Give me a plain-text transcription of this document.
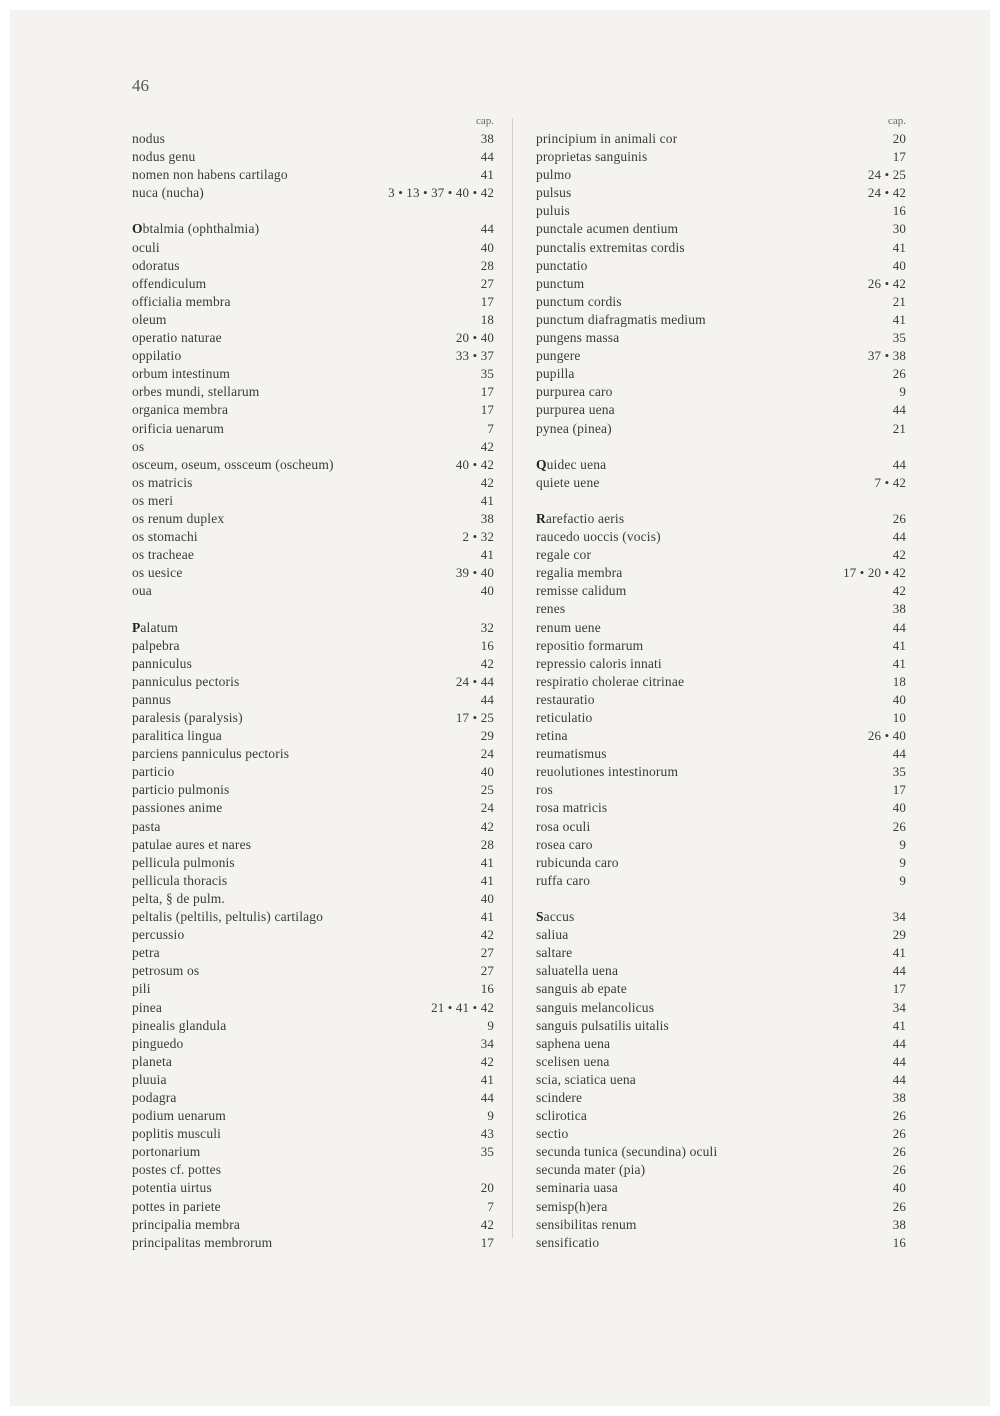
46
cap.
nodus	38
nodus genu	44
nomen non habens cartilago	41
nuca (nucha)	3 • 13 • 37 • 40 • 42
Obtalmia (ophthalmia)	44
oculi	40
odoratus	28
offendiculum	27
officialia membra	17
oleum	18
operatio naturae	20 • 40
oppilatio	33 • 37
orbum intestinum	35
orbes mundi, stellarum	17
organica membra	17
orificia uenarum	7
os	42
osceum, oseum, ossceum (oscheum)	40 • 42
os matricis	42
os meri	41
os renum duplex	38
os stomachi	2 • 32
os tracheae	41
os uesice	39 • 40
oua	40
Palatum	32
palpebra	16
panniculus	42
panniculus pectoris	24 • 44
pannus	44
paralesis (paralysis)	17 • 25
paralitica lingua	29
parciens panniculus pectoris	24
particio	40
particio pulmonis	25
passiones anime	24
pasta	42
patulae aures et nares	28
pellicula pulmonis	41
pellicula thoracis	41
pelta, § de pulm.	40
peltalis (peltilis, peltulis) cartilago	41
percussio	42
petra	27
petrosum os	27
pili	16
pinea	21 • 41 • 42
pinealis glandula	9
pinguedo	34
planeta	42
pluuia	41
podagra	44
podium uenarum	9
poplitis musculi	43
portonarium	35
postes cf. pottes
potentia uirtus	20
pottes in pariete	7
principalia membra	42
principalitas membrorum	17
cap.
principium in animali cor	20
proprietas sanguinis	17
pulmo	24 • 25
pulsus	24 • 42
puluis	16
punctale acumen dentium	30
punctalis extremitas cordis	41
punctatio	40
punctum	26 • 42
punctum cordis	21
punctum diafragmatis medium	41
pungens massa	35
pungere	37 • 38
pupilla	26
purpurea caro	9
purpurea uena	44
pynea (pinea)	21
Quidec uena	44
quiete uene	7 • 42
Rarefactio aeris	26
raucedo uoccis (vocis)	44
regale cor	42
regalia membra	17 • 20 • 42
remisse calidum	42
renes	38
renum uene	44
repositio formarum	41
repressio caloris innati	41
respiratio cholerae citrinae	18
restauratio	40
reticulatio	10
retina	26 • 40
reumatismus	44
reuolutiones intestinorum	35
ros	17
rosa matricis	40
rosa oculi	26
rosea caro	9
rubicunda caro	9
ruffa caro	9
Saccus	34
saliua	29
saltare	41
saluatella uena	44
sanguis ab epate	17
sanguis melancolicus	34
sanguis pulsatilis uitalis	41
saphena uena	44
scelisen uena	44
scia, sciatica uena	44
scindere	38
sclirotica	26
sectio	26
secunda tunica (secundina) oculi	26
secunda mater (pia)	26
seminaria uasa	40
semisp(h)era	26
sensibilitas renum	38
sensificatio	16
